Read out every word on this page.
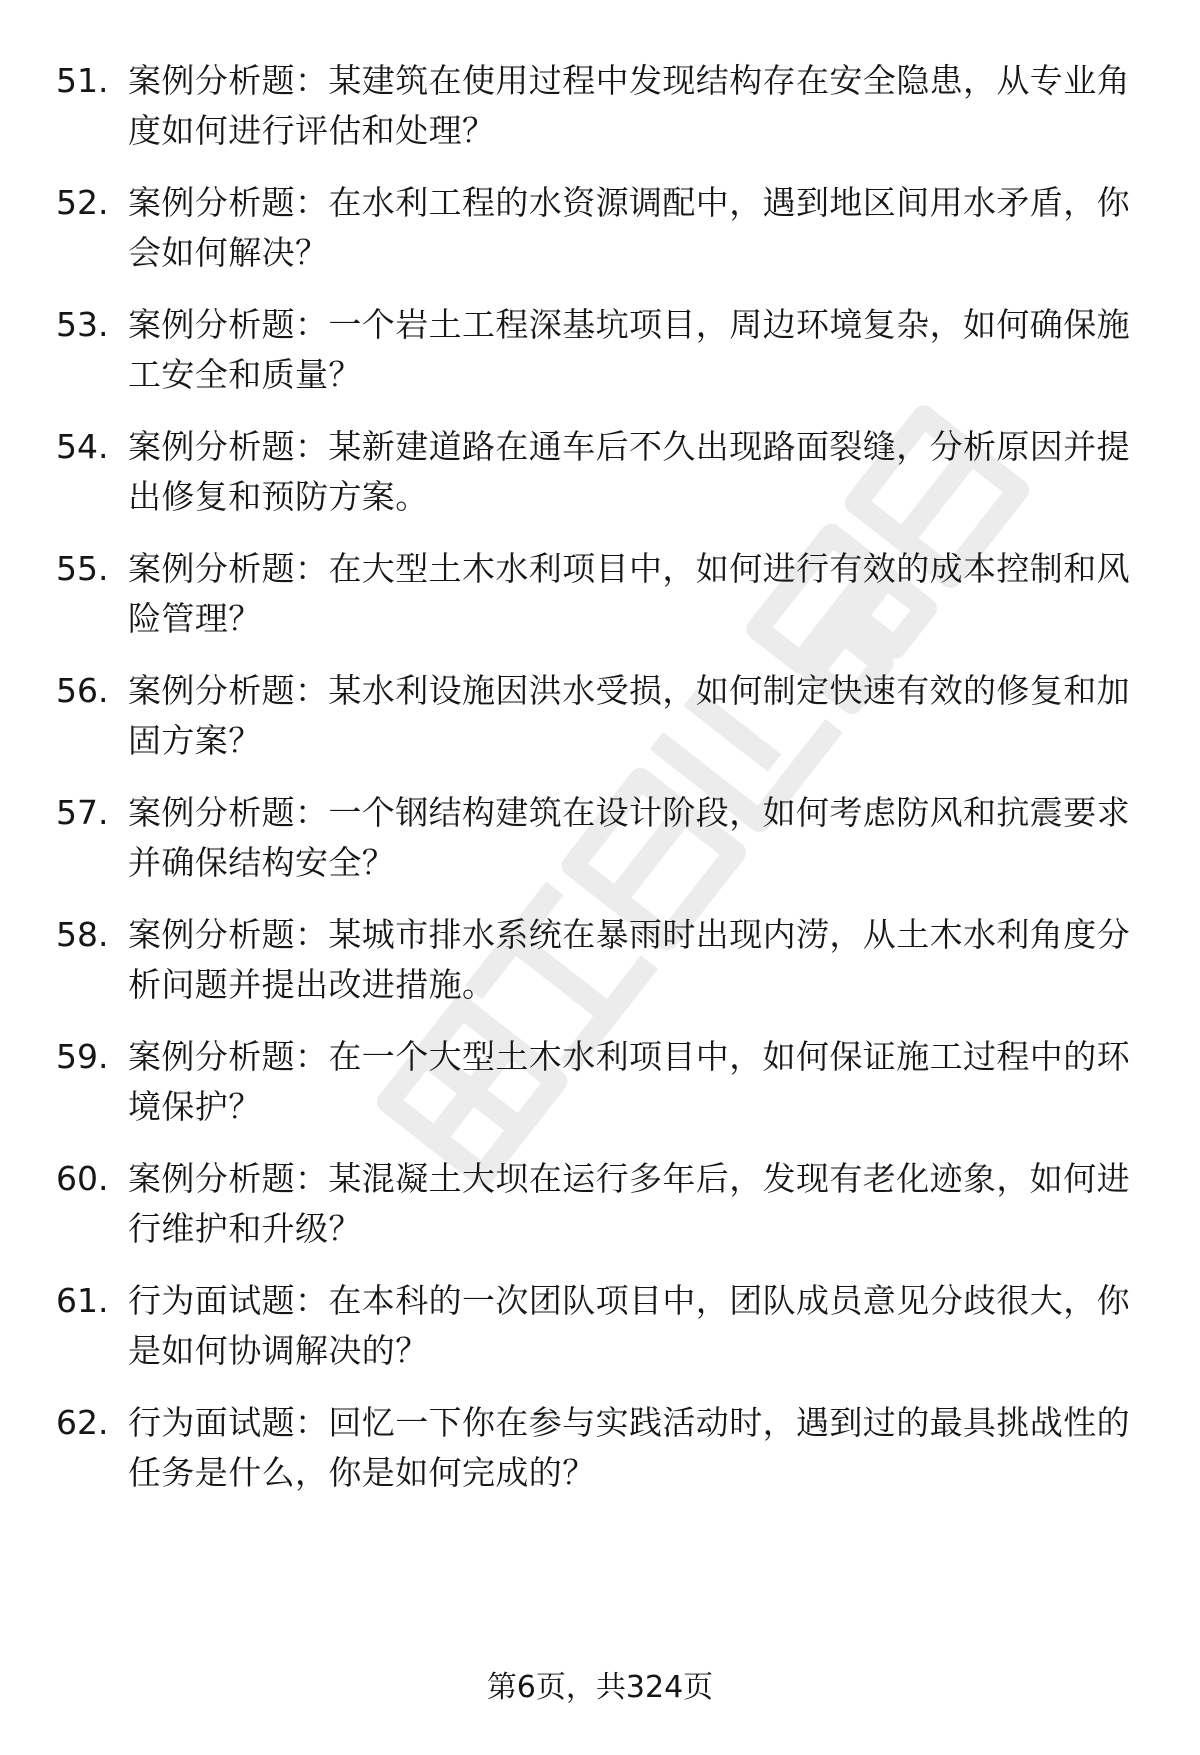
51. 案例分析题：某建筑在使用过程中发现结构存在安全隐患，从专业角度如何进行评估和处理？
52. 案例分析题：在水利工程的水资源调配中，遇到地区间用水矛盾，你会如何解决？
53. 案例分析题：一个岩土工程深基坑项目，周边环境复杂，如何确保施工安全和质量？
54. 案例分析题：某新建道路在通车后不久出现路面裂缝，分析原因并提出修复和预防方案。
55. 案例分析题：在大型土木水利项目中，如何进行有效的成本控制和风险管理？
56. 案例分析题：某水利设施因洪水受损，如何制定快速有效的修复和加固方案？
57. 案例分析题：一个钢结构建筑在设计阶段，如何考虑防风和抗震要求并确保结构安全？
58. 案例分析题：某城市排水系统在暴雨时出现内涝，从土木水利角度分析问题并提出改进措施。
59. 案例分析题：在一个大型土木水利项目中，如何保证施工过程中的环境保护？
60. 案例分析题：某混凝土大坝在运行多年后，发现有老化迹象，如何进行维护和升级？
61. 行为面试题：在本科的一次团队项目中，团队成员意见分歧很大，你是如何协调解决的？
62. 行为面试题：回忆一下你在参与实践活动时，遇到过的最具挑战性的任务是什么，你是如何完成的？
第6页，共324页
